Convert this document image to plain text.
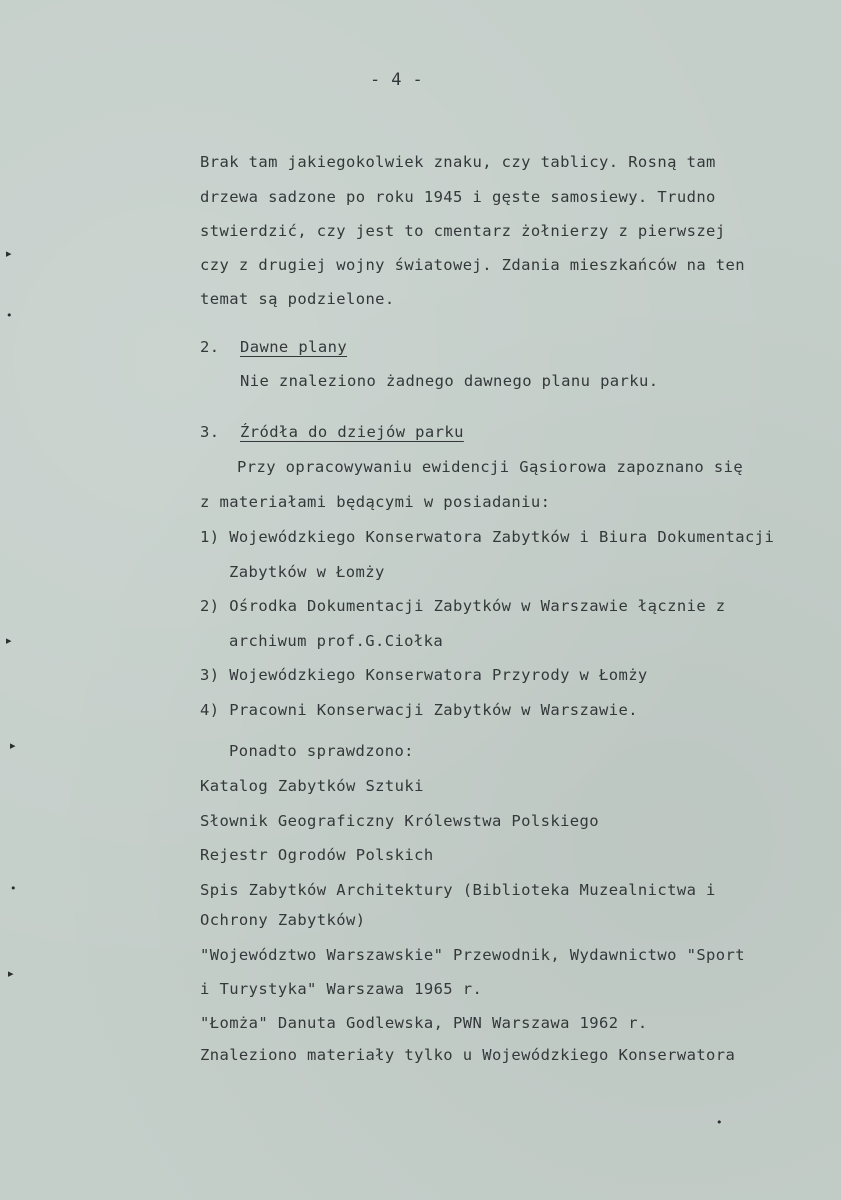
- 4 -
Brak tam jakiegokolwiek znaku, czy tablicy. Rosną tam
drzewa sadzone po roku 1945 i gęste samosiewy. Trudno
stwierdzić, czy jest to cmentarz żołnierzy z pierwszej
czy z drugiej wojny światowej. Zdania mieszkańców na ten
temat są podzielone.
2. Dawne plany
Nie znaleziono żadnego dawnego planu parku.
3. Źródła do dziejów parku
Przy opracowywaniu ewidencji Gąsiorowa zapoznano się
z materiałami będącymi w posiadaniu:
1) Wojewódzkiego Konserwatora Zabytków i Biura Dokumentacji
Zabytków w Łomży
2) Ośrodka Dokumentacji Zabytków w Warszawie łącznie z
archiwum prof.G.Ciołka
3) Wojewódzkiego Konserwatora Przyrody w Łomży
4) Pracowni Konserwacji Zabytków w Warszawie.
Ponadto sprawdzono:
Katalog Zabytków Sztuki
Słownik Geograficzny Królewstwa Polskiego
Rejestr Ogrodów Polskich
Spis Zabytków Architektury (Biblioteka Muzealnictwa i
Ochrony Zabytków)
"Województwo Warszawskie" Przewodnik, Wydawnictwo "Sport
i Turystyka" Warszawa 1965 r.
"Łomża" Danuta Godlewska, PWN Warszawa 1962 r.
Znaleziono materiały tylko u Wojewódzkiego Konserwatora
▸
•
▸
▸
•
▸
•
